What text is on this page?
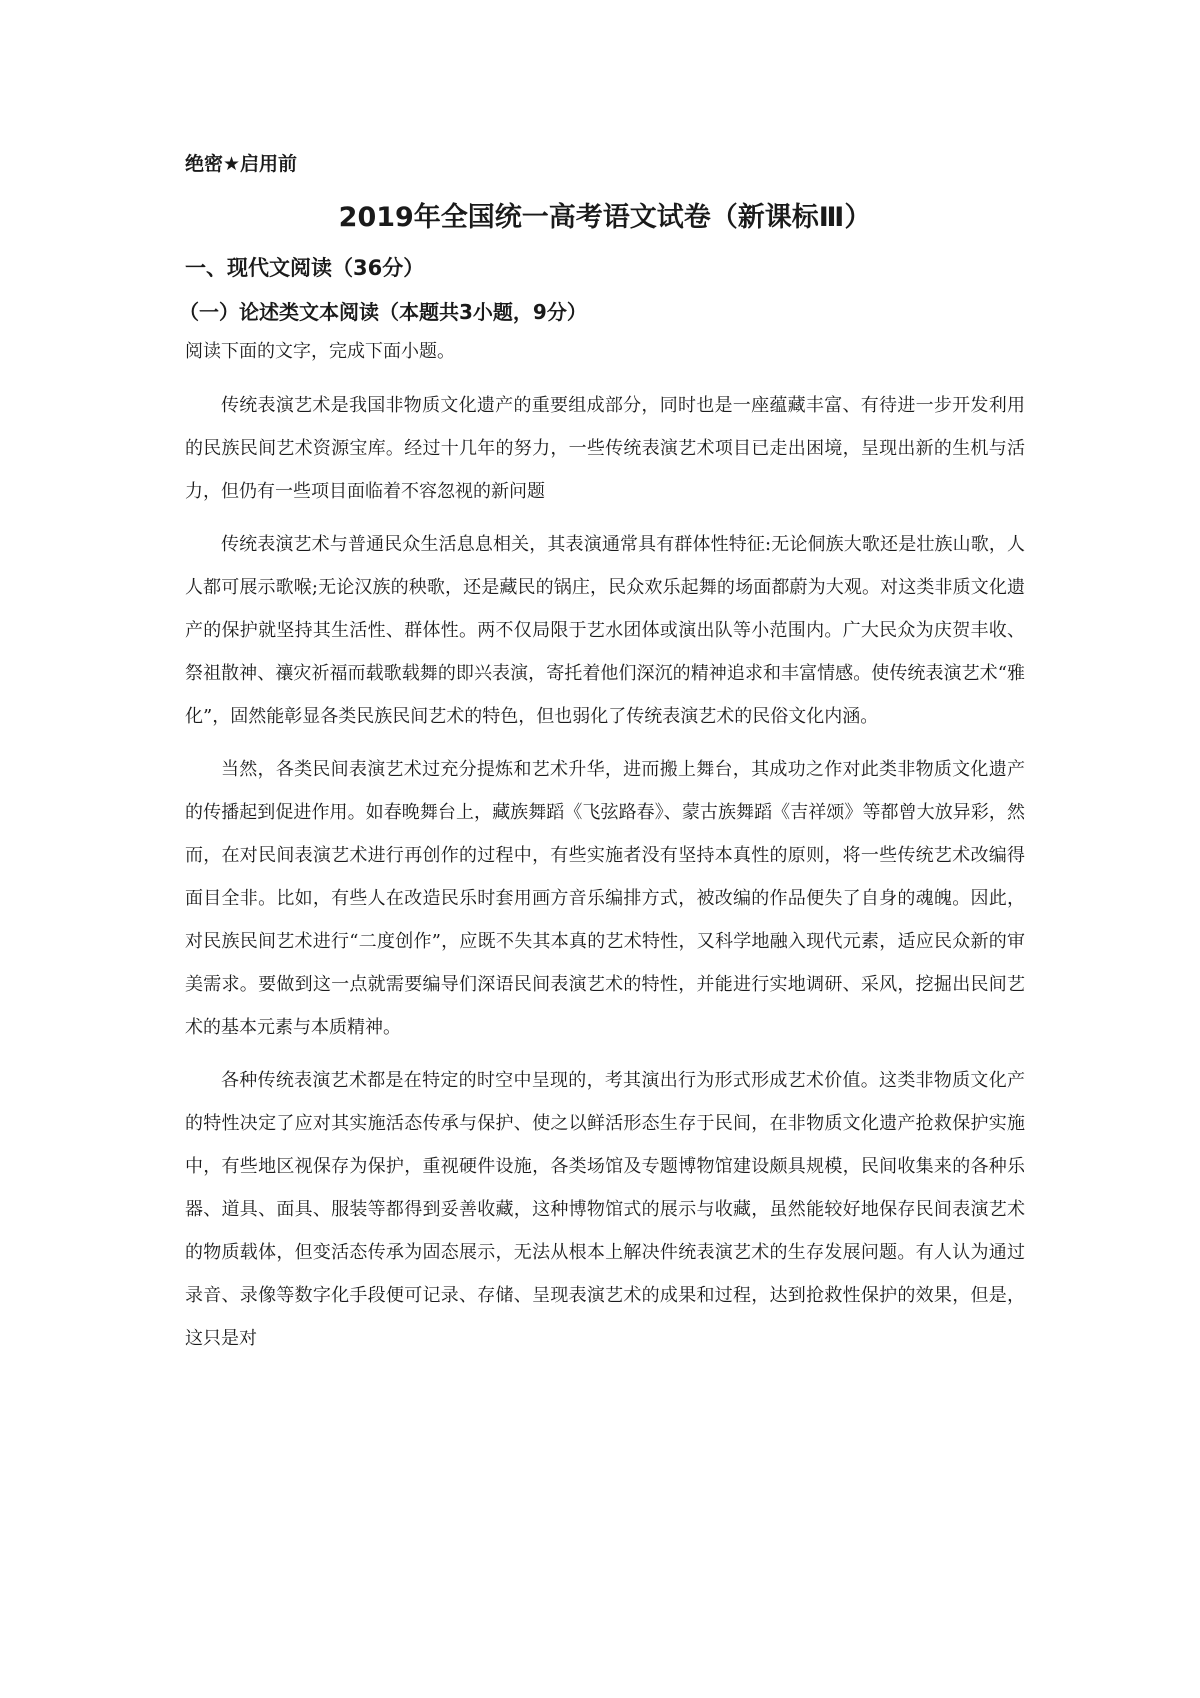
绝密★启用前
2019年全国统一高考语文试卷（新课标Ⅲ）
一、现代文阅读（36分）
（一）论述类文本阅读（本题共3小题，9分）
阅读下面的文字，完成下面小题。

传统表演艺术是我国非物质文化遗产的重要组成部分，同时也是一座蕴藏丰富、有待进一步开发利用的民族民间艺术资源宝库。经过十几年的努力，一些传统表演艺术项目已走出困境，呈现出新的生机与活力，但仍有一些项目面临着不容忽视的新问题

传统表演艺术与普通民众生活息息相关，其表演通常具有群体性特征:无论侗族大歌还是壮族山歌，人人都可展示歌喉;无论汉族的秧歌，还是藏民的锅庄，民众欢乐起舞的场面都蔚为大观。对这类非质文化遗产的保护就坚持其生活性、群体性。两不仅局限于艺水团体或演出队等小范围内。广大民众为庆贺丰收、祭祖散神、禳灾祈福而载歌载舞的即兴表演，寄托着他们深沉的精神追求和丰富情感。使传统表演艺术“雅化”，固然能彰显各类民族民间艺术的特色，但也弱化了传统表演艺术的民俗文化内涵。

当然，各类民间表演艺术过充分提炼和艺术升华，进而搬上舞台，其成功之作对此类非物质文化遗产的传播起到促进作用。如春晚舞台上，藏族舞蹈《飞弦路春》、蒙古族舞蹈《吉祥颂》等都曾大放异彩，然而，在对民间表演艺术进行再创作的过程中，有些实施者没有坚持本真性的原则，将一些传统艺术改编得面目全非。比如，有些人在改造民乐时套用画方音乐编排方式，被改编的作品便失了自身的魂魄。因此，对民族民间艺术进行“二度创作”，应既不失其本真的艺术特性，又科学地融入现代元素，适应民众新的审美需求。要做到这一点就需要编导们深语民间表演艺术的特性，并能进行实地调研、采风，挖掘出民间艺术的基本元素与本质精神。

各种传统表演艺术都是在特定的时空中呈现的，考其演出行为形式形成艺术价值。这类非物质文化产的特性决定了应对其实施活态传承与保护、使之以鲜活形态生存于民间，在非物质文化遗产抢救保护实施中，有些地区视保存为保护，重视硬件设施，各类场馆及专题博物馆建设颇具规模，民间收集来的各种乐器、道具、面具、服装等都得到妥善收藏，这种博物馆式的展示与收藏，虽然能较好地保存民间表演艺术的物质载体，但变活态传承为固态展示，无法从根本上解决件统表演艺术的生存发展问题。有人认为通过录音、录像等数字化手段便可记录、存储、呈现表演艺术的成果和过程，达到抢救性保护的效果，但是，这只是对
